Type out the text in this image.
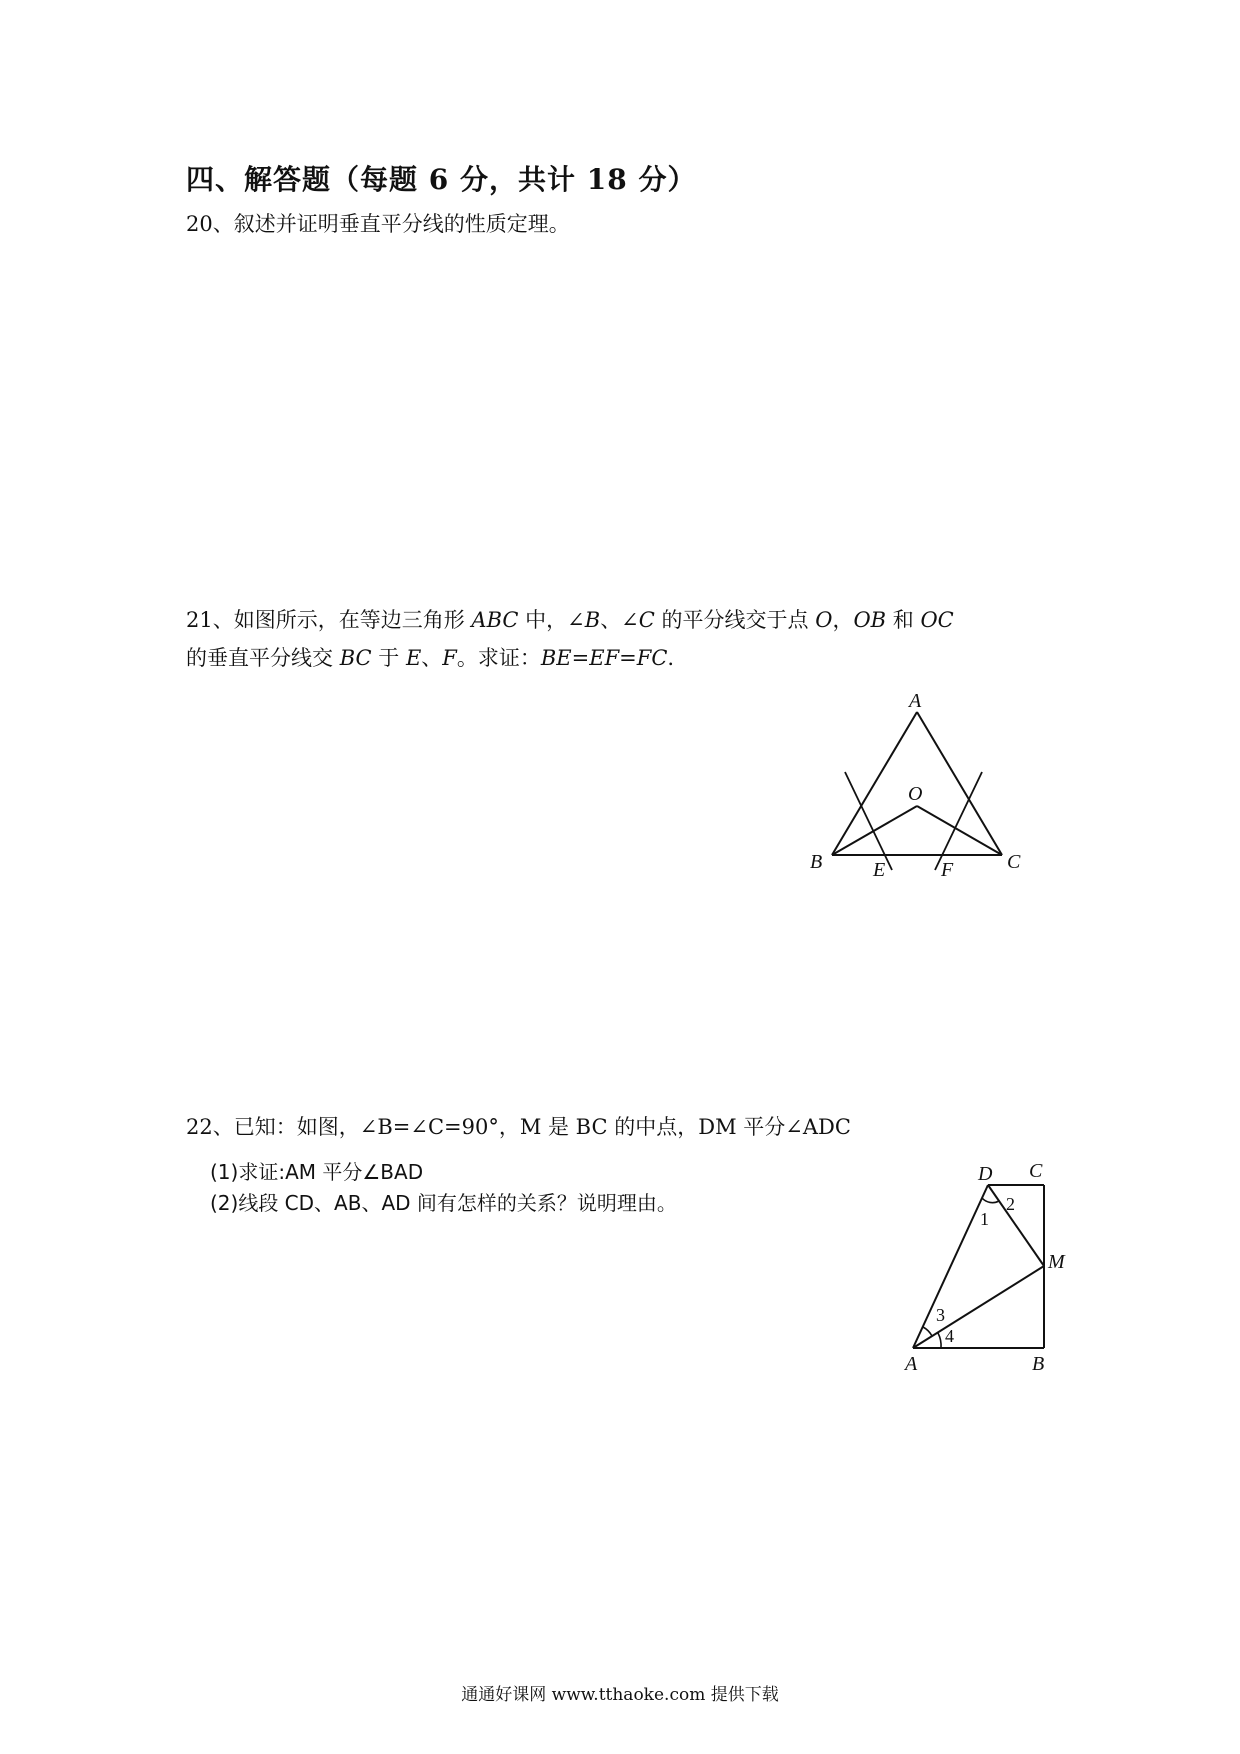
四、解答题（每题 6 分，共计 18 分）
20、叙述并证明垂直平分线的性质定理。
21、如图所示，在等边三角形 ABC 中，∠B、∠C 的平分线交于点 O，OB 和 OC
的垂直平分线交 BC 于 E、F。求证：BE=EF=FC.
A
O
B	E	F	C
22、已知：如图，∠B=∠C=90°，M 是 BC 的中点，DM 平分∠ADC
(1)求证:AM 平分∠BAD
(2)线段 CD、AB、AD 间有怎样的关系？说明理由。
D C
M
A	B
1
2
3
4
通通好课网 www.tthaoke.com 提供下载
